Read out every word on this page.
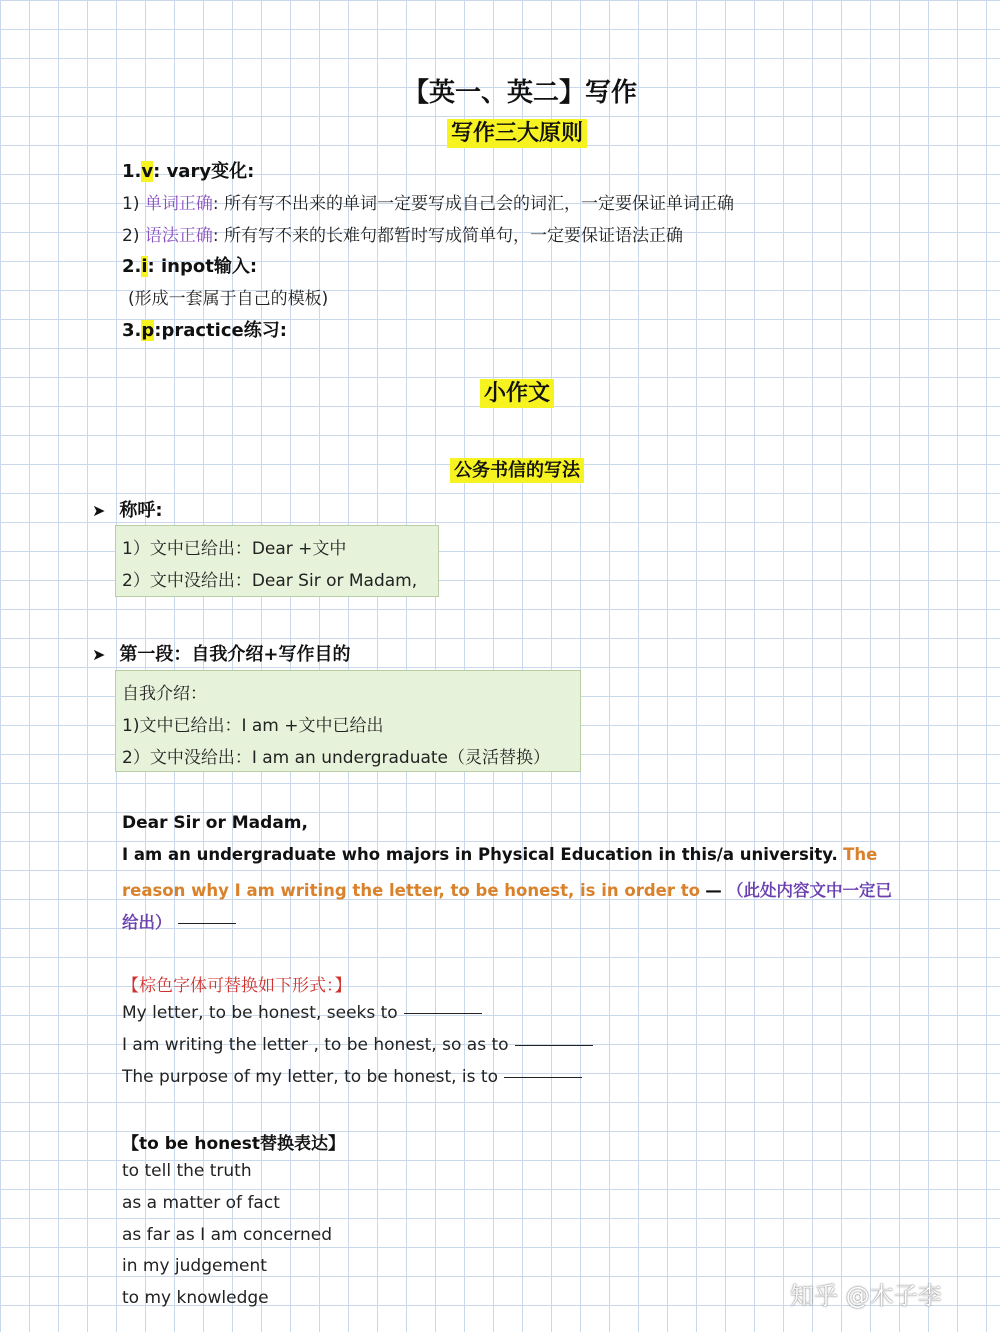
【英一、英二】写作
写作三大原则
1.v: vary变化:
1) 单词正确: 所有写不出来的单词一定要写成自己会的词汇，一定要保证单词正确
2) 语法正确: 所有写不来的长难句都暂时写成简单句，一定要保证语法正确
2.i: inpot输入:
(形成一套属于自己的模板)
3.p:practice练习:
小作文
公务书信的写法
➤ 称呼:
1）文中已给出：Dear +文中
2）文中没给出：Dear Sir or Madam,
➤ 第一段：自我介绍+写作目的
自我介绍：
1)文中已给出：I am +文中已给出
2）文中没给出：I am an undergraduate（灵活替换）
Dear Sir or Madam,
I am an undergraduate who majors in Physical Education in this/a university. The
reason why I am writing the letter, to be honest, is in order to — （此处内容文中一定已
给出）
【棕色字体可替换如下形式：】
My letter, to be honest, seeks to
I am writing the letter , to be honest, so as to
The purpose of my letter, to be honest, is to
【to be honest替换表达】
to tell the truth
as a matter of fact
as far as I am concerned
in my judgement
to my knowledge	知乎 @木子李
